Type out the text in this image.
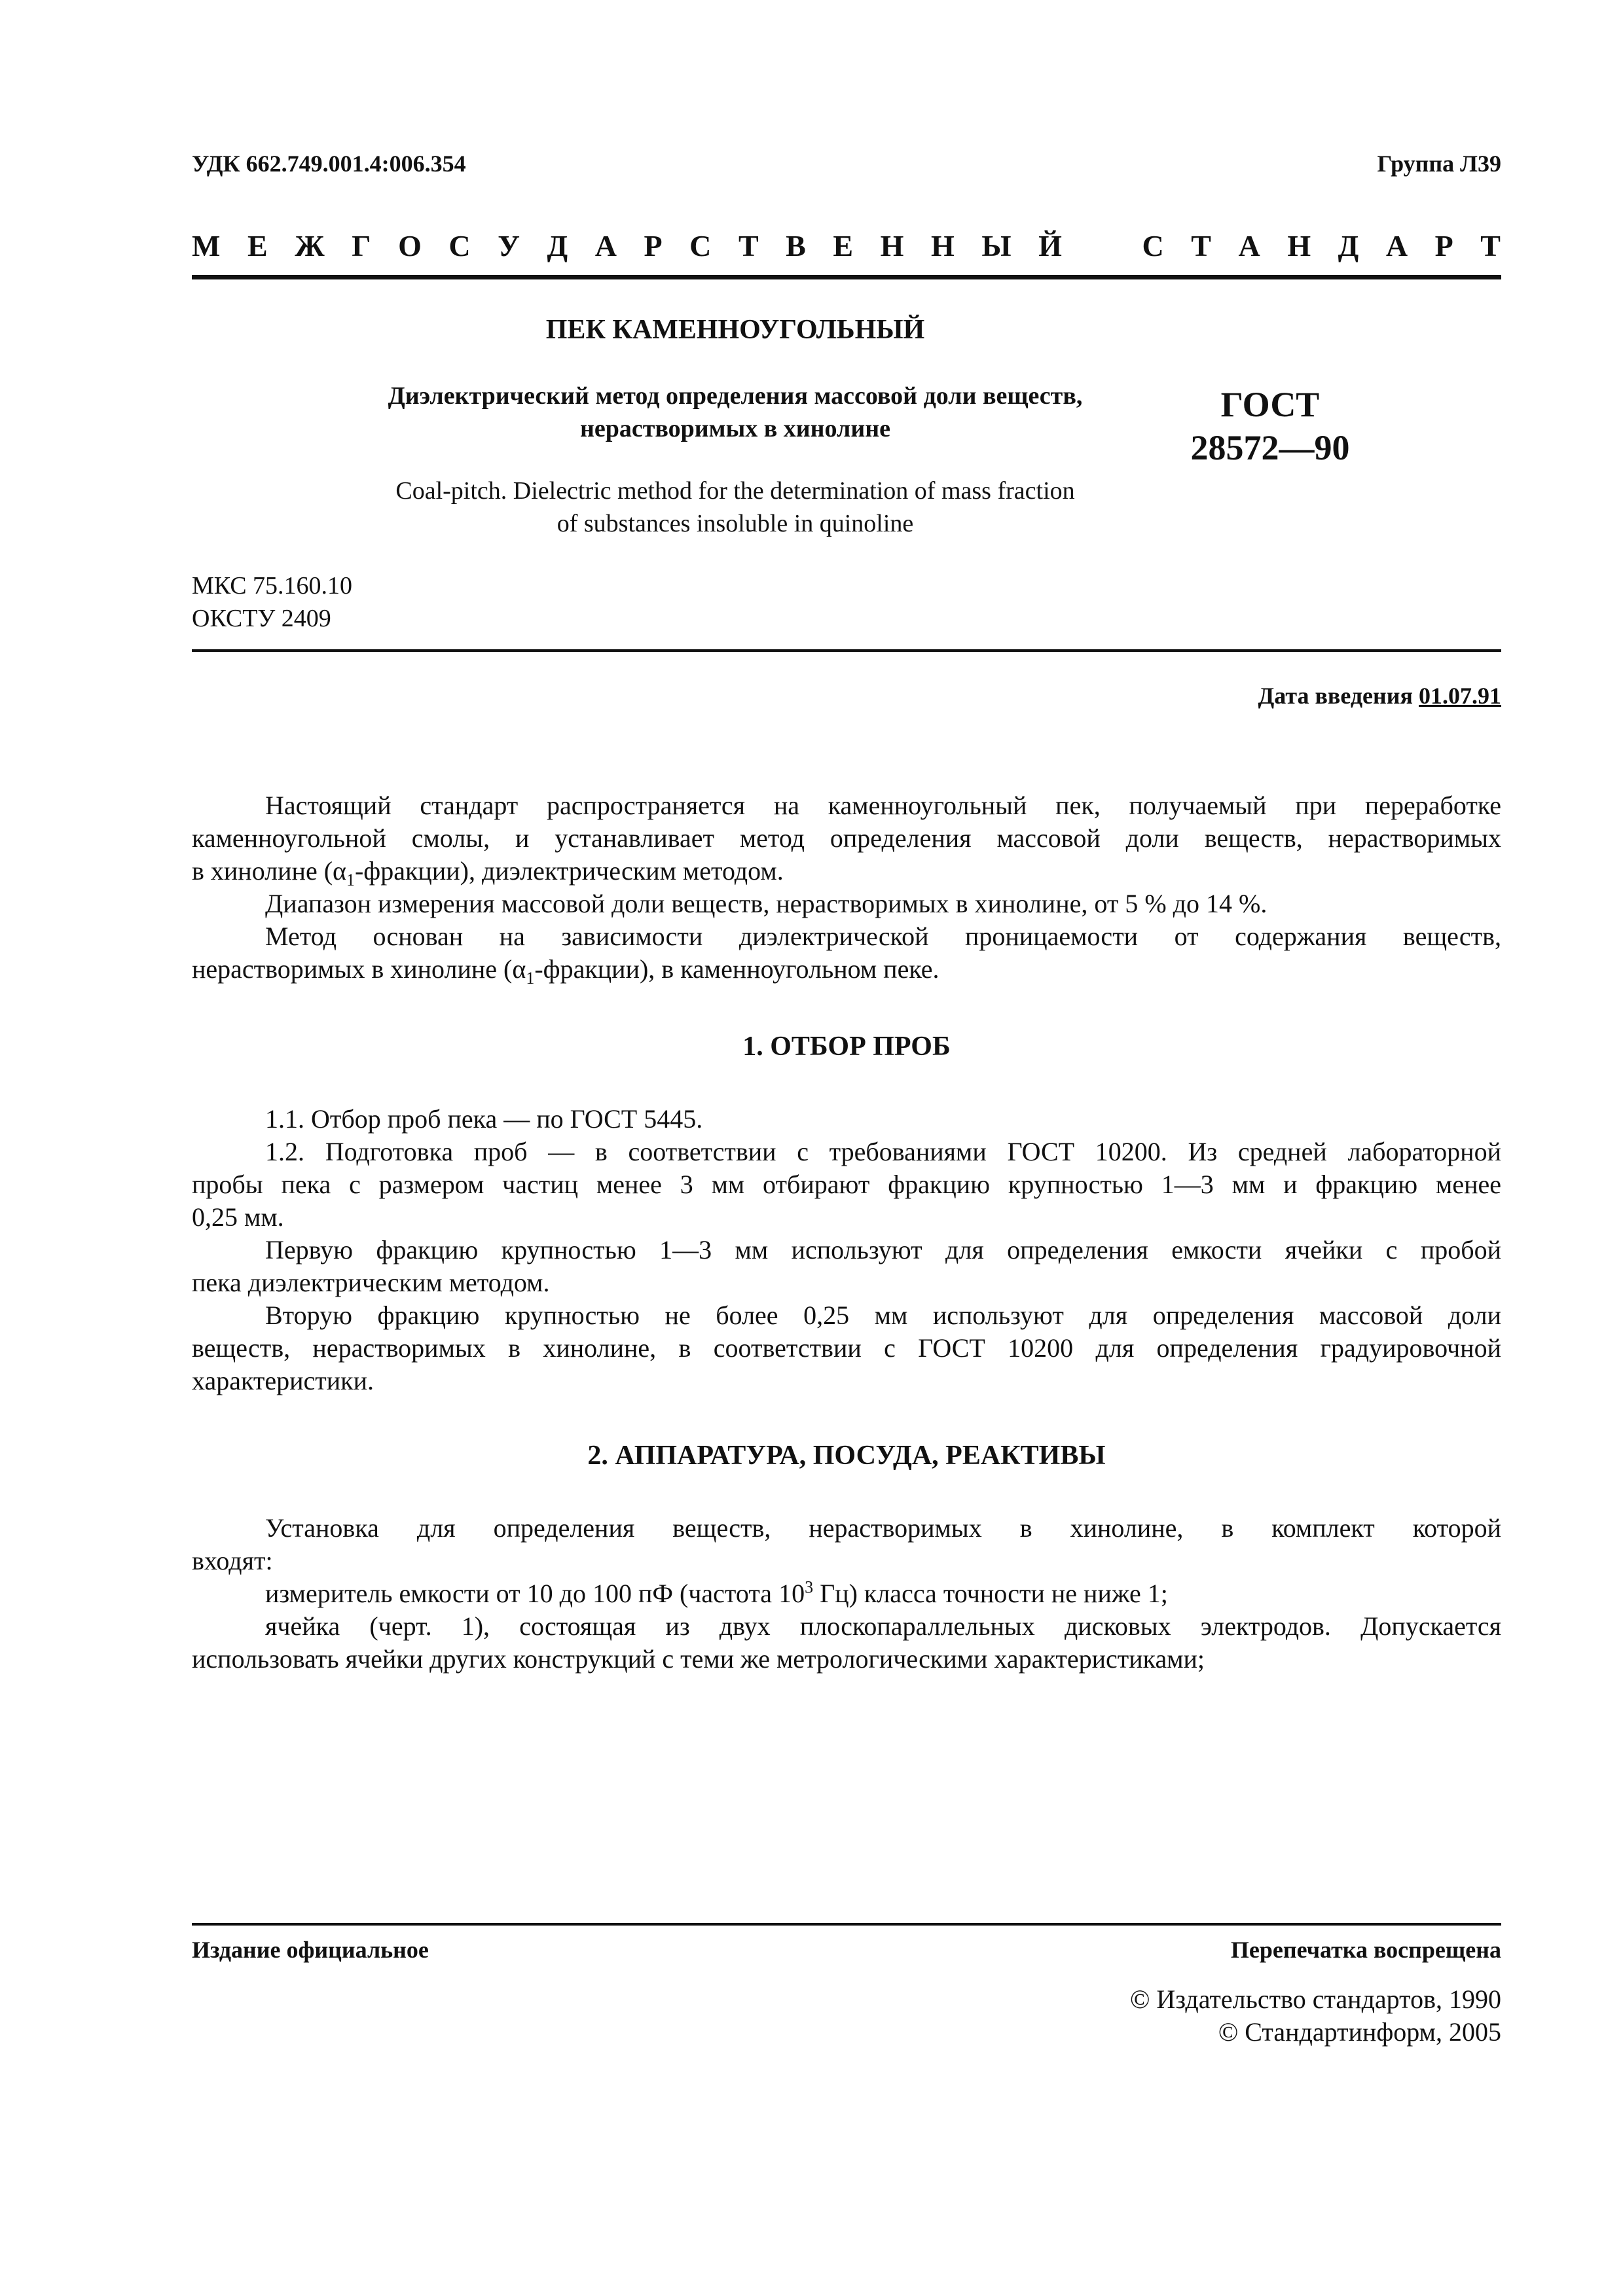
УДК 662.749.001.4:006.354	Группа Л39
М Е Ж Г О С У Д А Р С Т В Е Н Н Ы Й   С Т А Н Д А Р Т
ПЕК КАМЕННОУГОЛЬНЫЙ
Диэлектрический метод определения массовой доли веществ,
нерастворимых в хинолине
Coal-pitch. Dielectric method for the determination of mass fraction
of substances insoluble in quinoline
ГОСТ
28572—90
МКС 75.160.10
ОКСТУ 2409
Дата введения 01.07.91

Настоящий стандарт распространяется на каменноугольный пек, получаемый при переработке
каменноугольной смолы, и устанавливает метод определения массовой доли веществ, нерастворимых
в хинолине $(\alpha_1-фракции)$, диэлектрическим методом.

Диапазон измерения массовой доли веществ, нерастворимых в хинолине, от 5 % до 14 %.

Метод основан на зависимости диэлектрической проницаемости от содержания веществ,
нерастворимых в хинолине $(\alpha_1-фракции)$, в каменноугольном пеке.

1. ОТБОР ПРОБ

1.1. Отбор проб пека — по ГОСТ 5445.

1.2. Подготовка проб — в соответствии с требованиями ГОСТ 10200. Из средней лабораторной
пробы пека с размером частиц менее 3 мм отбирают фракцию крупностью 1—3 мм и фракцию менее
0,25 мм.

Первую фракцию крупностью 1—3 мм используют для определения емкости ячейки с пробой
пека диэлектрическим методом.

Вторую фракцию крупностью не более 0,25 мм используют для определения массовой доли
веществ, нерастворимых в хинолине, в соответствии с ГОСТ 10200 для определения градуировочной
характеристики.

2. АППАРАТУРА, ПОСУДА, РЕАКТИВЫ

Установка для определения веществ, нерастворимых в хинолине, в комплект которой
входят:

измеритель емкости от 10 до 100 пФ (частота $10^3$ Гц) класса точности не ниже 1;

ячейка (черт. 1), состоящая из двух плоскопараллельных дисковых электродов. Допускается
использовать ячейки других конструкций с теми же метрологическими характеристиками;

Издание официальное	Перепечатка воспрещена
© Издательство стандартов, 1990
© Стандартинформ, 2005
